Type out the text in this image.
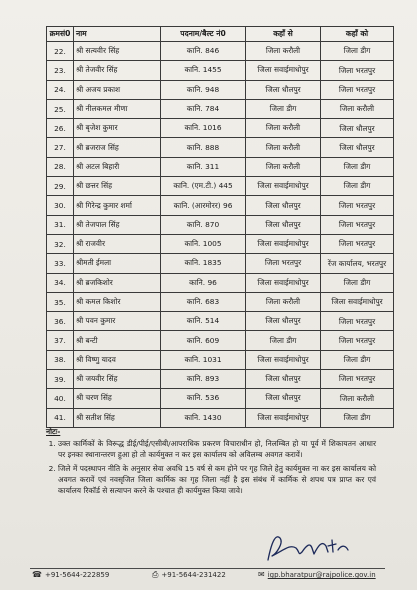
क्रमसं0	नाम	पदनाम/बैल्ट नं0	कहाँ से	कहाँ को
22.	श्री सत्यवीर सिंह	कानि. 846	जिला करौली	जिला डीग
23.	श्री तेजवीर सिंह	कानि. 1455	जिला सवाईमाधोपुर	जिला भरतपुर
24.	श्री अजय प्रकाश	कानि. 948	जिला धौलपुर	जिला भरतपुर
25.	श्री नीलकमल मीणा	कानि. 784	जिला डीग	जिला करौली
26.	श्री बृजेश कुमार	कानि. 1016	जिला करौली	जिला धौलपुर
27.	श्री ब्रजराज सिंह	कानि. 888	जिला करौली	जिला धौलपुर
28.	श्री अटल बिहारी	कानि. 311	जिला करौली	जिला डीग
29.	श्री छत्तर सिंह	कानि. (एम.टी.) 445	जिला सवाईमाधोपुर	जिला डीग
30.	श्री गिरेन्द्र कुमार शर्मा	कानि. (आरमोरर) 96	जिला धौलपुर	जिला भरतपुर
31.	श्री तेजपाल सिंह	कानि. 870	जिला धौलपुर	जिला भरतपुर
32.	श्री राजवीर	कानि. 1005	जिला सवाईमाधोपुर	जिला भरतपुर
33.	श्रीमती ईमला	कानि. 1835	जिला भरतपुर	रेंज कार्यालय, भरतपुर
34.	श्री ब्रजकिशोर	कानि. 96	जिला सवाईमाधोपुर	जिला डीग
35.	श्री कमल किशोर	कानि. 683	जिला करौली	जिला सवाईमाधोपुर
36.	श्री पवन कुमार	कानि. 514	जिला धौलपुर	जिला भरतपुर
37.	श्री बन्टी	कानि. 609	जिला डीग	जिला भरतपुर
38.	श्री विष्णु यादव	कानि. 1031	जिला सवाईमाधोपुर	जिला डीग
39.	श्री जयवीर सिंह	कानि. 893	जिला धौलपुर	जिला भरतपुर
40.	श्री चरण सिंह	कानि. 536	जिला धौलपुर	जिला करौली
41.	श्री सतीश सिंह	कानि. 1430	जिला सवाईमाधोपुर	जिला डीग
नोटः-
1. उक्त कार्मिकों के विरूद्ध डीई/पीई/एसीबी/आपराधिक प्रकरण विचाराधीन हो, निलम्बित हो या पूर्व में शिकायतन आधार पर इनका स्थानान्तरण हुआ हो तो कार्यमुक्त न कर इस कार्यालय को अविलम्ब अवगत करावें।
2. जिले में पदस्थापन नीति के अनुसार सेवा अवधि 15 वर्ष से कम होने पर गृह जिले हेतु कार्यमुक्त ना कर इस कार्यालय को अवगत करावें एवं नवसृजित जिला कार्मिक का गृह जिला नहीं है इस संबंध में कार्मिक से शपथ पत्र प्राप्त कर एवं कार्यालय रिकॉर्ड से सत्यापन करने के पश्चात ही कार्यमुक्त किया जावे।
☎ +91-5644-222859	⎙ +91-5644-231422	✉ igp.bharatpur@rajpolice.gov.in
